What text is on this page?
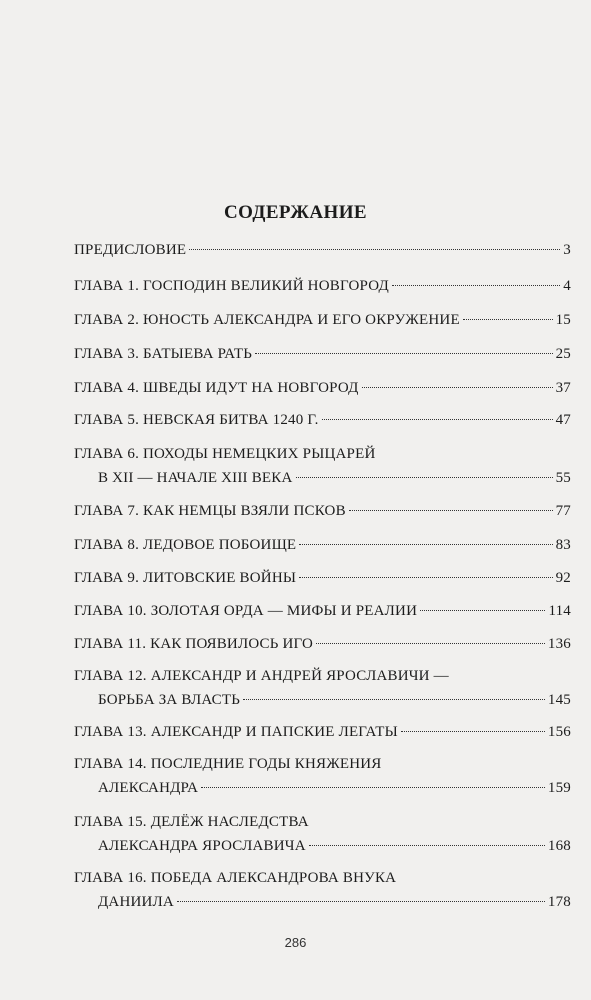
СОДЕРЖАНИЕ
ПРЕДИСЛОВИЕ	3
ГЛАВА 1. ГОСПОДИН ВЕЛИКИЙ НОВГОРОД	4
ГЛАВА 2. ЮНОСТЬ АЛЕКСАНДРА И ЕГО ОКРУЖЕНИЕ	15
ГЛАВА 3. БАТЫЕВА РАТЬ	25
ГЛАВА 4. ШВЕДЫ ИДУТ НА НОВГОРОД	37
ГЛАВА 5. НЕВСКАЯ БИТВА 1240 Г.	47
ГЛАВА 6. ПОХОДЫ НЕМЕЦКИХ РЫЦАРЕЙ
В XII — НАЧАЛЕ XIII ВЕКА	55
ГЛАВА 7. КАК НЕМЦЫ ВЗЯЛИ ПСКОВ	77
ГЛАВА 8. ЛЕДОВОЕ ПОБОИЩЕ	83
ГЛАВА 9. ЛИТОВСКИЕ ВОЙНЫ	92
ГЛАВА 10. ЗОЛОТАЯ ОРДА — МИФЫ И РЕАЛИИ	114
ГЛАВА 11. КАК ПОЯВИЛОСЬ ИГО	136
ГЛАВА 12. АЛЕКСАНДР И АНДРЕЙ ЯРОСЛАВИЧИ —
БОРЬБА ЗА ВЛАСТЬ	145
ГЛАВА 13. АЛЕКСАНДР И ПАПСКИЕ ЛЕГАТЫ	156
ГЛАВА 14. ПОСЛЕДНИЕ ГОДЫ КНЯЖЕНИЯ
АЛЕКСАНДРА	159
ГЛАВА 15. ДЕЛЁЖ НАСЛЕДСТВА
АЛЕКСАНДРА ЯРОСЛАВИЧА	168
ГЛАВА 16. ПОБЕДА АЛЕКСАНДРОВА ВНУКА
ДАНИИЛА	178
286
